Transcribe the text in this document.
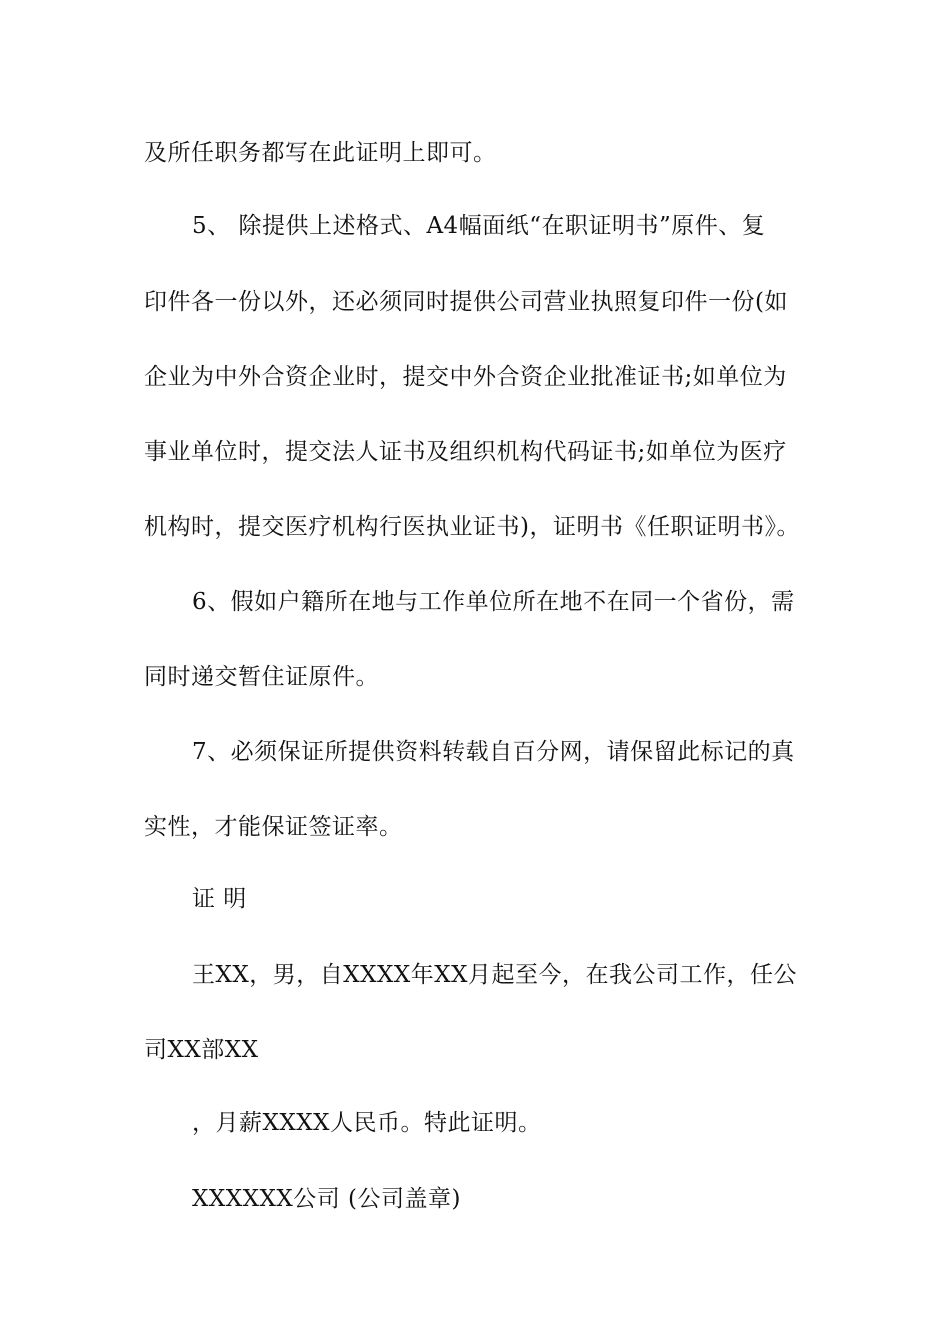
及所任职务都写在此证明上即可。
5、 除提供上述格式、A4幅面纸“在职证明书”原件、复
印件各一份以外，还必须同时提供公司营业执照复印件一份(如
企业为中外合资企业时，提交中外合资企业批准证书;如单位为
事业单位时，提交法人证书及组织机构代码证书;如单位为医疗
机构时，提交医疗机构行医执业证书)，证明书《任职证明书》。
6、假如户籍所在地与工作单位所在地不在同一个省份，需
同时递交暂住证原件。
7、必须保证所提供资料转载自百分网，请保留此标记的真
实性，才能保证签证率。
证 明
王XX，男，自XXXX年XX月起至今，在我公司工作，任公
司XX部XX
，月薪XXXX人民币。特此证明。
XXXXXX公司 (公司盖章)
